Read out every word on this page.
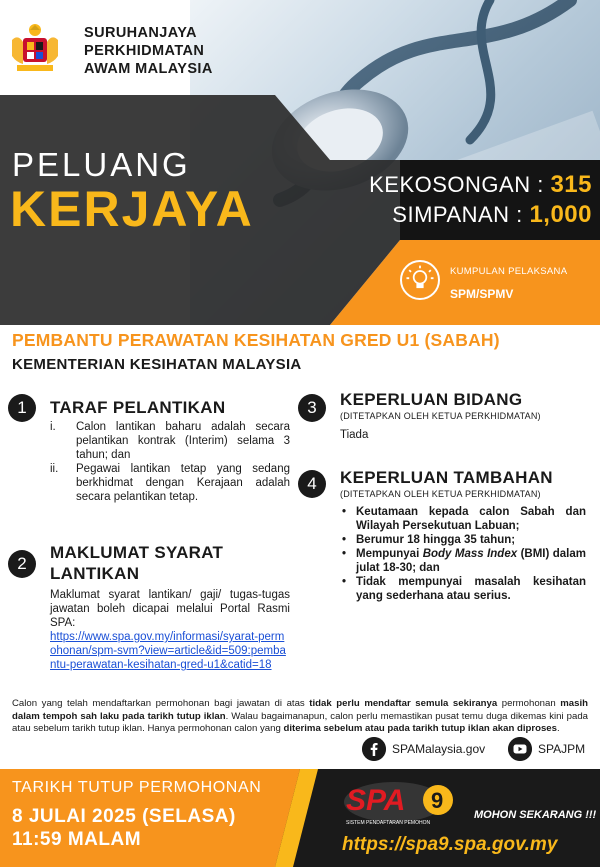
SURUHANJAYA
PERKHIDMATAN
AWAM MALAYSIA
PELUANG
KERJAYA	KEKOSONGAN : 315
SIMPANAN : 1,000
KUMPULAN PELAKSANA
SPM/SPMV
PEMBANTU PERAWATAN KESIHATAN GRED U1 (SABAH)
KEMENTERIAN KESIHATAN MALAYSIA
1	TARAF PELANTIKAN
i. Calon lantikan baharu adalah secara pelantikan kontrak (Interim) selama 3 tahun; dan
ii. Pegawai lantikan tetap yang sedang berkhidmat dengan Kerajaan adalah secara pelantikan tetap.
2
MAKLUMAT SYARAT
LANTIKAN
Maklumat syarat lantikan/ gaji/ tugas-tugas jawatan boleh dicapai melalui Portal Rasmi SPA:
https://www.spa.gov.my/informasi/syarat-permohonan/spm-svm?view=article&id=509:pembantu-perawatan-kesihatan-gred-u1&catid=18
3	KEPERLUAN BIDANG
(DITETAPKAN OLEH KETUA PERKHIDMATAN)
Tiada
4	KEPERLUAN TAMBAHAN
(DITETAPKAN OLEH KETUA PERKHIDMATAN)
• Keutamaan kepada calon Sabah dan Wilayah Persekutuan Labuan;
• Berumur 18 hingga 35 tahun;
• Mempunyai Body Mass Index (BMI) dalam julat 18-30; dan
• Tidak mempunyai masalah kesihatan yang sederhana atau serius.
Calon yang telah mendaftarkan permohonan bagi jawatan di atas tidak perlu mendaftar semula sekiranya permohonan masih dalam tempoh sah laku pada tarikh tutup iklan. Walau bagaimanapun, calon perlu memastikan pusat temu duga dikemas kini pada atau sebelum tarikh tutup iklan. Hanya permohonan calon yang diterima sebelum atau pada tarikh tutup iklan akan diproses.
SPAMalaysia.gov	SPAJPM
TARIKH TUTUP PERMOHONAN
8 JULAI 2025 (SELASA)
11:59 MALAM
SPA 9
SISTEM PENDAFTARAN PEMOHON
MOHON SEKARANG !!!
https://spa9.spa.gov.my
